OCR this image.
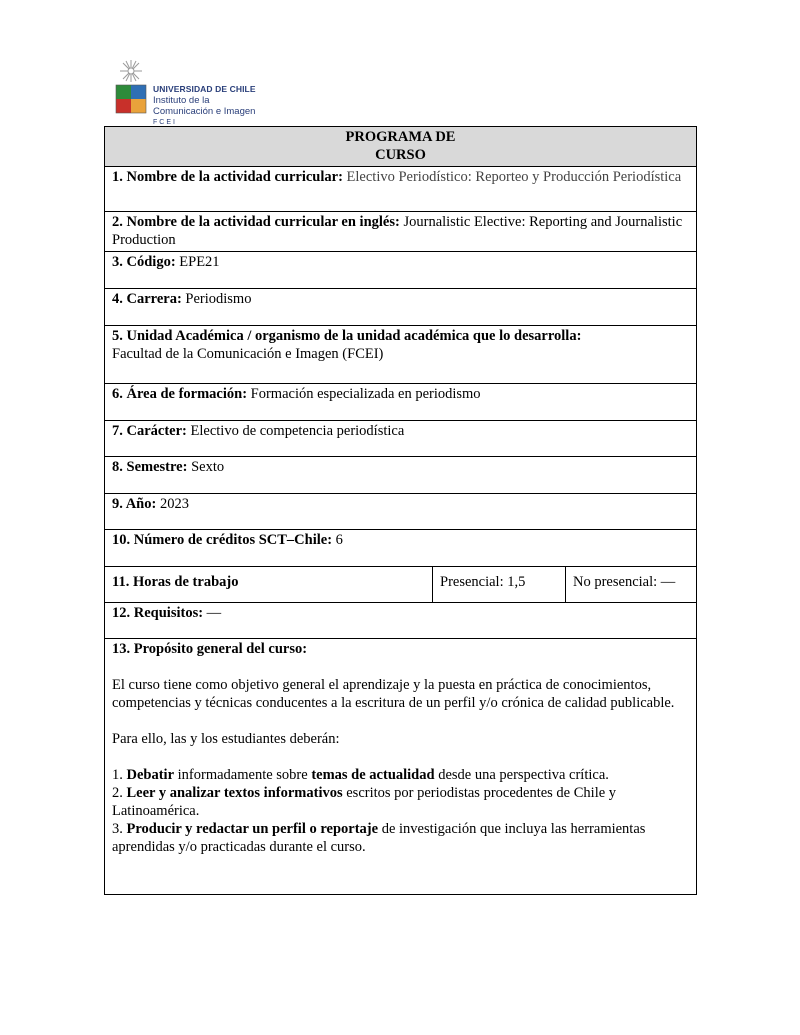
UNIVERSIDAD DE CHILE
Instituto de la
Comunicación e Imagen
FCEI
PROGRAMA DE
CURSO

1. Nombre de la actividad curricular: Electivo Periodístico: Reporteo y Producción Periodística
2. Nombre de la actividad curricular en inglés: Journalistic Elective: Reporting and Journalistic Production
3. Código: EPE21
4. Carrera: Periodismo

5. Unidad Académica / organismo de la unidad académica que lo desarrolla:
Facultad de la Comunicación e Imagen (FCEI)

6. Área de formación: Formación especializada en periodismo
7. Carácter: Electivo de competencia periodística
8. Semestre: Sexto
9. Año: 2023
10. Número de créditos SCT–Chile: 6
11. Horas de trabajo	Presencial: 1,5	No presencial: —
12. Requisitos: —

13. Propósito general del curso:

El curso tiene como objetivo general el aprendizaje y la puesta en práctica de conocimientos, competencias y técnicas conducentes a la escritura de un perfil y/o crónica de calidad publicable.

Para ello, las y los estudiantes deberán:

1. Debatir informadamente sobre temas de actualidad desde una perspectiva crítica.
2. Leer y analizar textos informativos escritos por periodistas procedentes de Chile y Latinoamérica.
3. Producir y redactar un perfil o reportaje de investigación que incluya las herramientas aprendidas y/o practicadas durante el curso.
